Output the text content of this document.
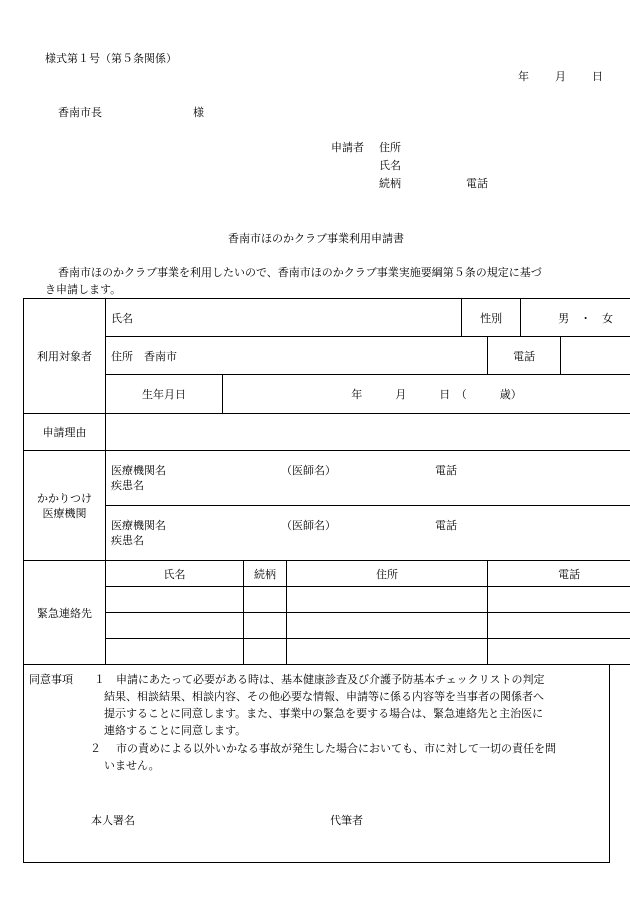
様式第１号（第５条関係）
年 月 日
香南市長	様
申請者 住所
氏名
続柄	電話
香南市ほのかクラブ事業利用申請書
香南市ほのかクラブ事業を利用したいので、香南市ほのかクラブ事業実施要綱第５条の規定に基づ
き申請します。
利用対象者	氏名				性別		男　・　女	
	住所　香南市					電話		
	生年月日	年　　　月　　　日　（　　　歳）						
申請理由								
かかりつけ
医療機関	医療機関名 （医師名） 電話
疾患名							

	医療機関名 （医師名） 電話
疾患名							

緊急連絡先	氏名		続柄	住所		電話		

同意事項 １ 申請にあたって必要がある時は、基本健康診査及び介護予防基本チェックリストの判定
結果、相談結果、相談内容、その他必要な情報、申請等に係る内容等を当事者の関係者へ
提示することに同意します。また、事業中の緊急を要する場合は、緊急連絡先と主治医に
連絡することに同意します。
２ 市の責めによる以外いかなる事故が発生した場合においても、市に対して一切の責任を問
いません。
本人署名	代筆者
